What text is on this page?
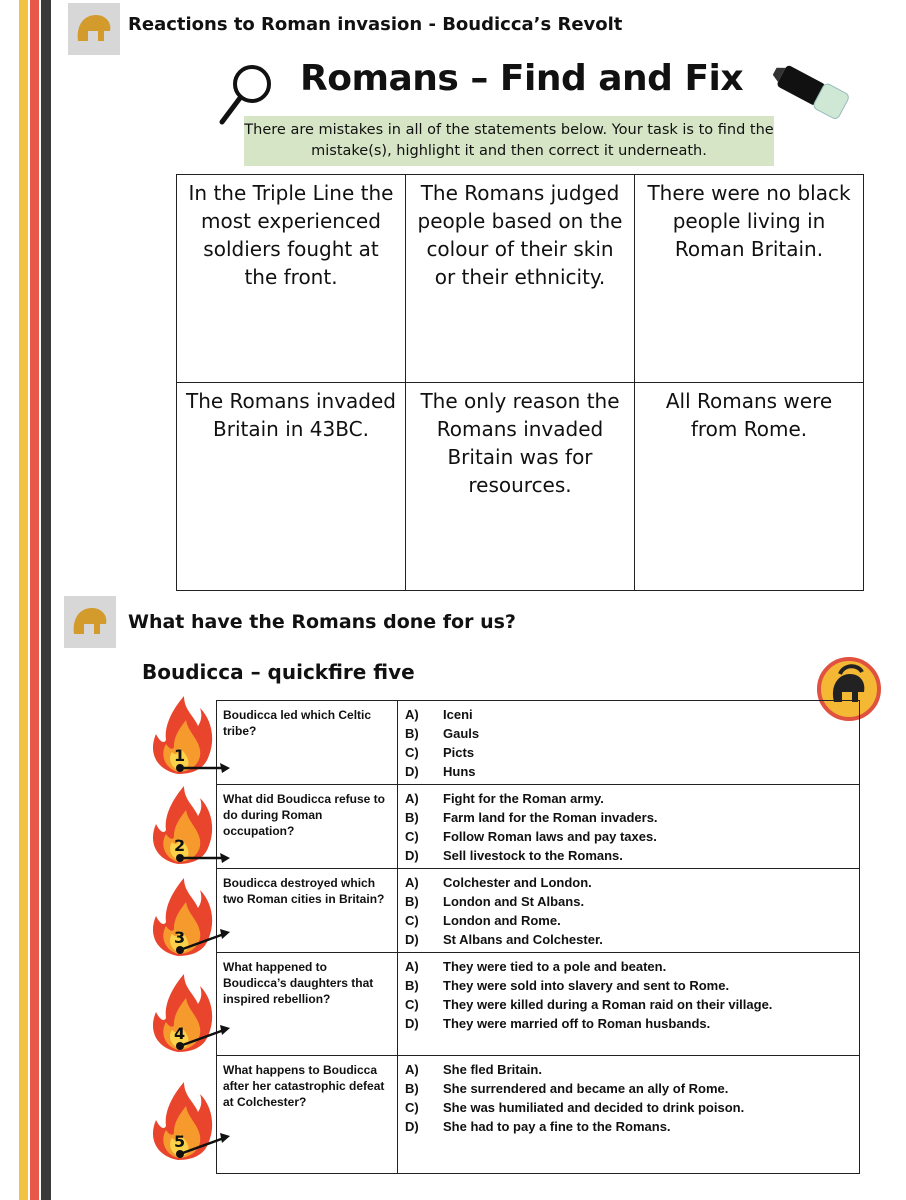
Reactions to Roman invasion - Boudicca’s Revolt
Romans – Find and Fix
There are mistakes in all of the statements below. Your task is to find the mistake(s), highlight it and then correct it underneath.
In the Triple Line the most experienced soldiers fought at the front.	The Romans judged people based on the colour of their skin or their ethnicity.	There were no black people living in Roman Britain.
The Romans invaded Britain in 43BC.	The only reason the Romans invaded Britain was for resources.	All Romans were from Rome.
What have the Romans done for us?
Boudicca – quickfire five
Boudicca led which Celtic tribe?
A)	Iceni
B)	Gauls
C)	Picts
D)	Huns
What did Boudicca refuse to do during Roman occupation?
A)	Fight for the Roman army.
B)	Farm land for the Roman invaders.
C)	Follow Roman laws and pay taxes.
D)	Sell livestock to the Romans.
Boudicca destroyed which two Roman cities in Britain?
A)	Colchester and London.
B)	London and St Albans.
C)	London and Rome.
D)	St Albans and Colchester.
What happened to Boudicca’s daughters that inspired rebellion?
A)	They were tied to a pole and beaten.
B)	They were sold into slavery and sent to Rome.
C)	They were killed during a Roman raid on their village.
D)	They were married off to Roman husbands.
What happens to Boudicca after her catastrophic defeat at Colchester?
A)	She fled Britain.
B)	She surrendered and became an ally of Rome.
C)	She was humiliated and decided to drink poison.
D)	She had to pay a fine to the Romans.
1
2
3
4
5
